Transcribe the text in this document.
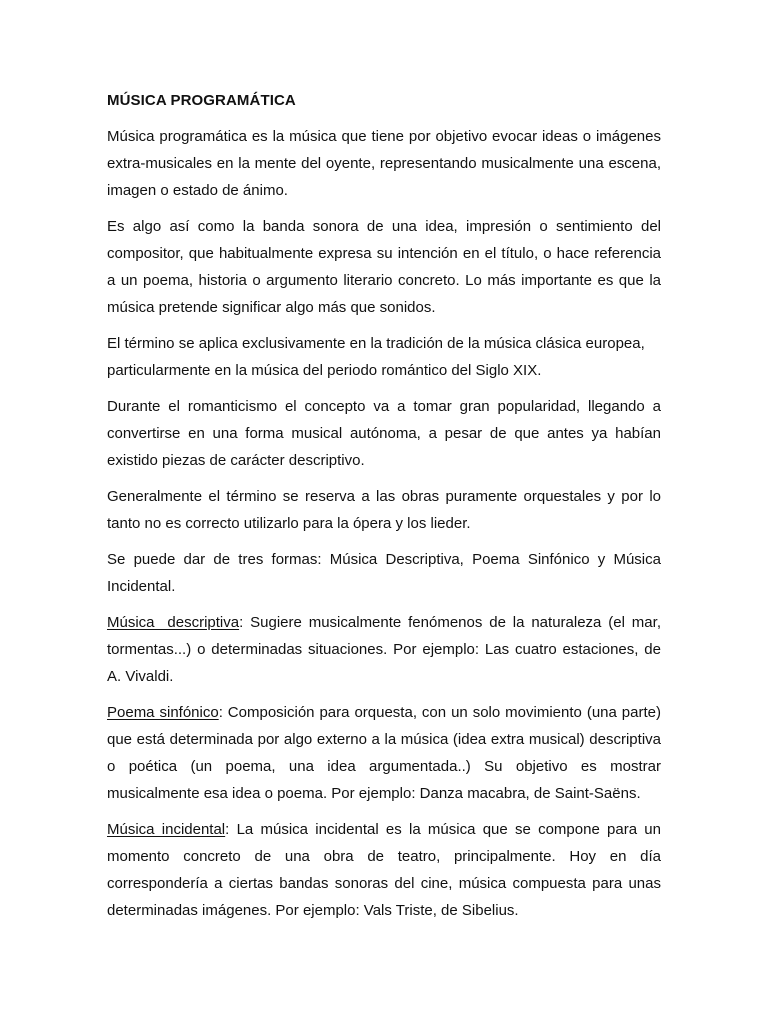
MÚSICA PROGRAMÁTICA

Música programática es la música que tiene por objetivo evocar ideas o imágenes extra-musicales en la mente del oyente, representando musicalmente una escena, imagen o estado de ánimo.

Es algo así como la banda sonora de una idea, impresión o sentimiento del compositor, que habitualmente expresa su intención en el título, o hace referencia a un poema, historia o argumento literario concreto. Lo más importante es que la música pretende significar algo más que sonidos.

El término se aplica exclusivamente en la tradición de la música clásica europea, particularmente en la música del periodo romántico del Siglo XIX.

Durante el romanticismo el concepto va a tomar gran popularidad, llegando a convertirse en una forma musical autónoma, a pesar de que antes ya habían existido piezas de carácter descriptivo.

Generalmente el término se reserva a las obras puramente orquestales y por lo tanto no es correcto utilizarlo para la ópera y los lieder.

Se puede dar de tres formas: Música Descriptiva, Poema Sinfónico y Música Incidental.

Música descriptiva: Sugiere musicalmente fenómenos de la naturaleza (el mar, tormentas...) o determinadas situaciones. Por ejemplo: Las cuatro estaciones, de A. Vivaldi.

Poema sinfónico: Composición para orquesta, con un solo movimiento (una parte) que está determinada por algo externo a la música (idea extra musical) descriptiva o poética (un poema, una idea argumentada..) Su objetivo es mostrar musicalmente esa idea o poema. Por ejemplo: Danza macabra, de Saint-Saëns.

Música incidental: La música incidental es la música que se compone para un momento concreto de una obra de teatro, principalmente. Hoy en día correspondería a ciertas bandas sonoras del cine, música compuesta para unas determinadas imágenes. Por ejemplo: Vals Triste, de Sibelius.
